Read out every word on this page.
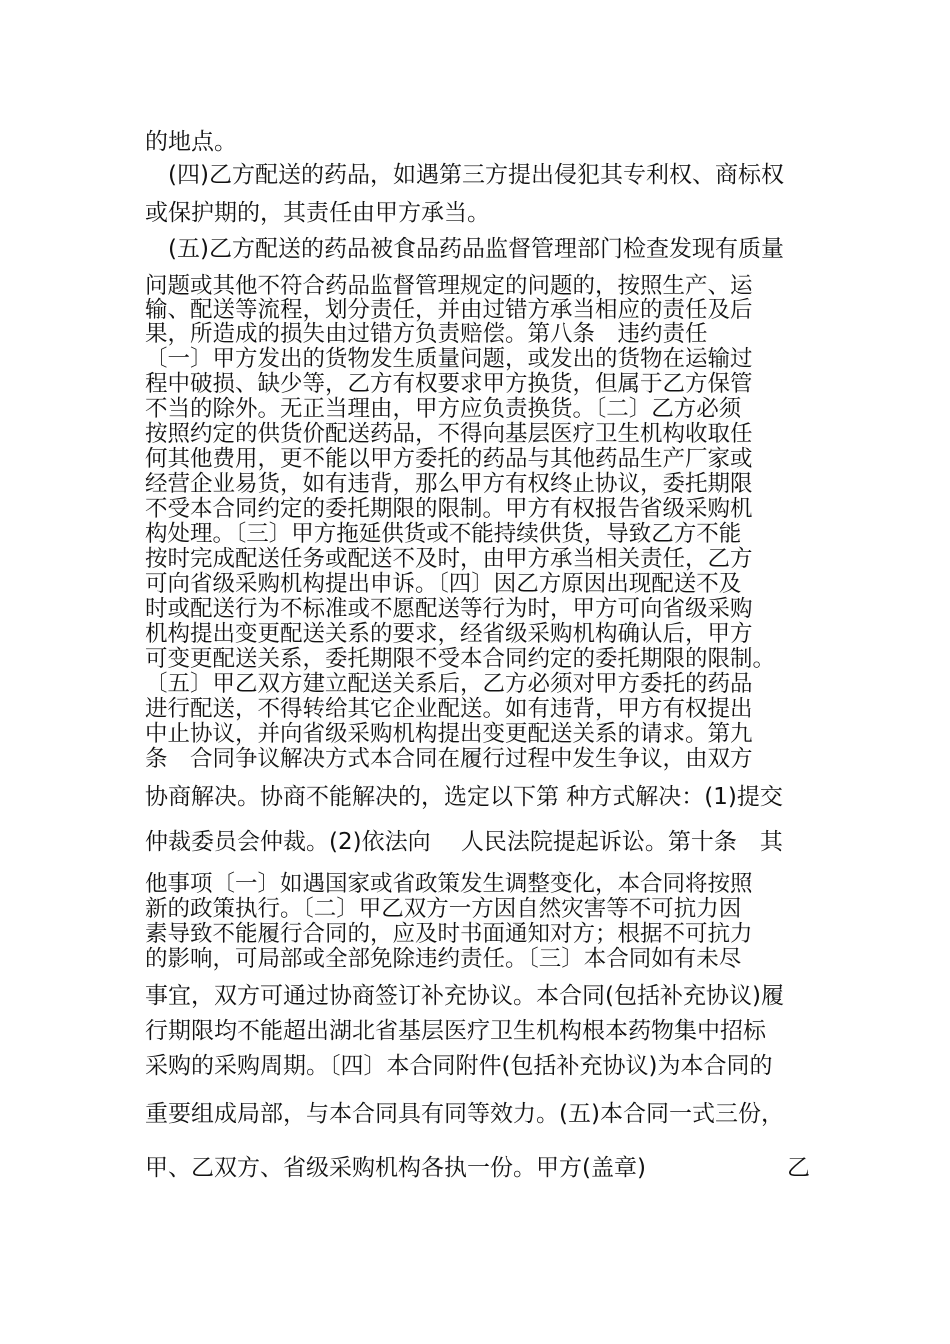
的地点。
(四)乙方配送的药品，如遇第三方提出侵犯其专利权、商标权
或保护期的，其责任由甲方承当。
(五)乙方配送的药品被食品药品监督管理部门检查发现有质量
问题或其他不符合药品监督管理规定的问题的，按照生产、运
输、配送等流程，划分责任，并由过错方承当相应的责任及后
果，所造成的损失由过错方负责赔偿。第八条　违约责任
〔一〕甲方发出的货物发生质量问题，或发出的货物在运输过
程中破损、缺少等，乙方有权要求甲方换货，但属于乙方保管
不当的除外。无正当理由，甲方应负责换货。〔二〕乙方必须
按照约定的供货价配送药品，不得向基层医疗卫生机构收取任
何其他费用，更不能以甲方委托的药品与其他药品生产厂家或
经营企业易货，如有违背，那么甲方有权终止协议，委托期限
不受本合同约定的委托期限的限制。甲方有权报告省级采购机
构处理。〔三〕甲方拖延供货或不能持续供货，导致乙方不能
按时完成配送任务或配送不及时，由甲方承当相关责任，乙方
可向省级采购机构提出申诉。〔四〕因乙方原因出现配送不及
时或配送行为不标准或不愿配送等行为时，甲方可向省级采购
机构提出变更配送关系的要求，经省级采购机构确认后，甲方
可变更配送关系，委托期限不受本合同约定的委托期限的限制。
〔五〕甲乙双方建立配送关系后，乙方必须对甲方委托的药品
进行配送，不得转给其它企业配送。如有违背，甲方有权提出
中止协议，并向省级采购机构提出变更配送关系的请求。第九
条　合同争议解决方式本合同在履行过程中发生争议，由双方
协商解决。协商不能解决的，选定以下第 种方式解决：(1)提交
仲裁委员会仲裁。(2)依法向　 人民法院提起诉讼。第十条　其
他事项〔一〕如遇国家或省政策发生调整变化，本合同将按照
新的政策执行。〔二〕甲乙双方一方因自然灾害等不可抗力因
素导致不能履行合同的，应及时书面通知对方；根据不可抗力
的影响，可局部或全部免除违约责任。〔三〕本合同如有未尽
事宜，双方可通过协商签订补充协议。本合同(包括补充协议)履
行期限均不能超出湖北省基层医疗卫生机构根本药物集中招标
采购的采购周期。〔四〕本合同附件(包括补充协议)为本合同的
重要组成局部，与本合同具有同等效力。(五)本合同一式三份，
甲、乙双方、省级采购机构各执一份。甲方(盖章)	乙
